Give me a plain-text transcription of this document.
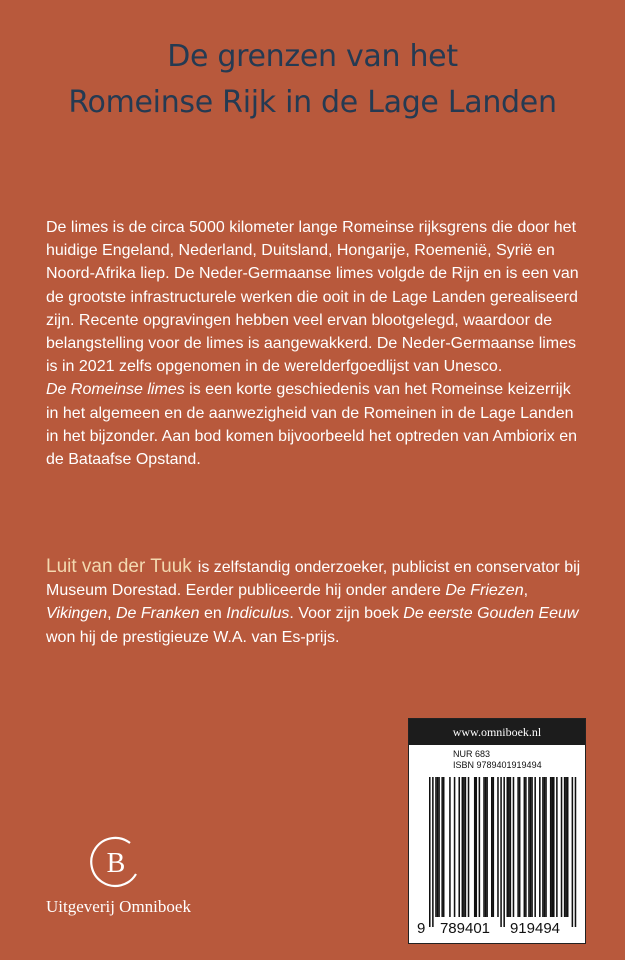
De grenzen van het
Romeinse Rijk in de Lage Landen

De limes is de circa 5000 kilometer lange Romeinse rijksgrens die door het huidige Engeland, Nederland, Duitsland, Hongarije, Roemenië, Syrië en Noord-Afrika liep. De Neder-Germaanse limes volgde de Rijn en is een van de grootste infrastructurele werken die ooit in de Lage Landen gerealiseerd zijn. Recente opgravingen hebben veel ervan blootgelegd, waardoor de belangstelling voor de limes is aangewakkerd. De Neder-Germaanse limes is in 2021 zelfs opgenomen in de werelderfgoedlijst van Unesco.

De Romeinse limes is een korte geschiedenis van het Romeinse keizerrijk in het algemeen en de aanwezigheid van de Romeinen in de Lage Landen in het bijzonder. Aan bod komen bijvoorbeeld het optreden van Ambiorix en de Bataafse Opstand.

Luit van der Tuuk is zelfstandig onderzoeker, publicist en conservator bij Museum Dorestad. Eerder publiceerde hij onder andere De Friezen, Vikingen, De Franken en Indiculus. Voor zijn boek De eerste Gouden Eeuw won hij de prestigieuze W.A. van Es-prijs.
B
Uitgeverij Omniboek
www.omniboek.nl
NUR 683
ISBN 9789401919494
9 789401 919494
